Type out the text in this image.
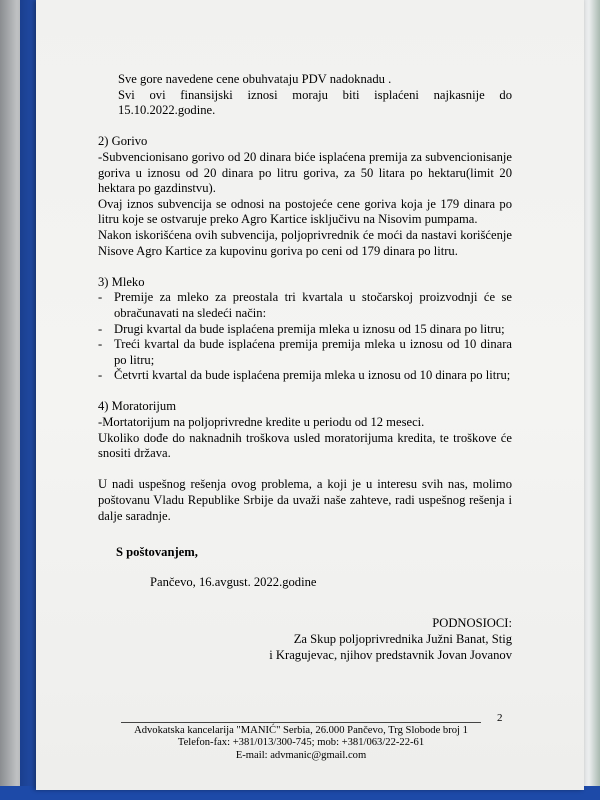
Sve gore navedene cene obuhvataju PDV nadoknadu .

Svi ovi finansijski iznosi moraju biti isplaćeni najkasnije do 15.10.2022.godine.

2) Gorivo

-Subvencionisano gorivo od 20 dinara biće isplaćena premija za subvencionisanje goriva u iznosu od 20 dinara po litru goriva, za 50 litara po hektaru(limit 20 hektara po gazdinstvu).

Ovaj iznos subvencija se odnosi na postojeće cene goriva koja je 179 dinara po litru koje se ostvaruje preko Agro Kartice isključivu na Nisovim pumpama.

Nakon iskorišćena ovih subvencija, poljoprivrednik će moći da nastavi korišćenje Nisove Agro Kartice za kupovinu goriva po ceni od 179 dinara po litru.

3) Mleko

- Premije za mleko za preostala tri kvartala u stočarskoj proizvodnji će se obračunavati na sledeći način:
- Drugi kvartal da bude isplaćena premija mleka u iznosu od 15 dinara po litru;
- Treći kvartal da bude isplaćena premija premija mleka u iznosu od 10 dinara po litru;
- Četvrti kvartal da bude isplaćena premija mleka u iznosu od 10 dinara po litru;

4) Moratorijum

-Mortatorijum na poljoprivredne kredite u periodu od 12 meseci.

Ukoliko dođe do naknadnih troškova usled moratorijuma kredita, te troškove će snositi država.

U nadi uspešnog rešenja ovog problema, a koji je u interesu svih nas, molimo poštovanu Vladu Republike Srbije da uvaži naše zahteve, radi uspešnog rešenja i dalje saradnje.

S poštovanjem,
Pančevo, 16.avgust. 2022.godine
PODNOSIOCI:
Za Skup poljoprivrednika Južni Banat, Stig
i Kragujevac, njihov predstavnik Jovan Jovanov
2
Advokatska kancelarija "MANIĆ" Serbia, 26.000 Pančevo, Trg Slobode broj 1
Telefon-fax: +381/013/300-745; mob: +381/063/22-22-61
E-mail: advmanic@gmail.com
